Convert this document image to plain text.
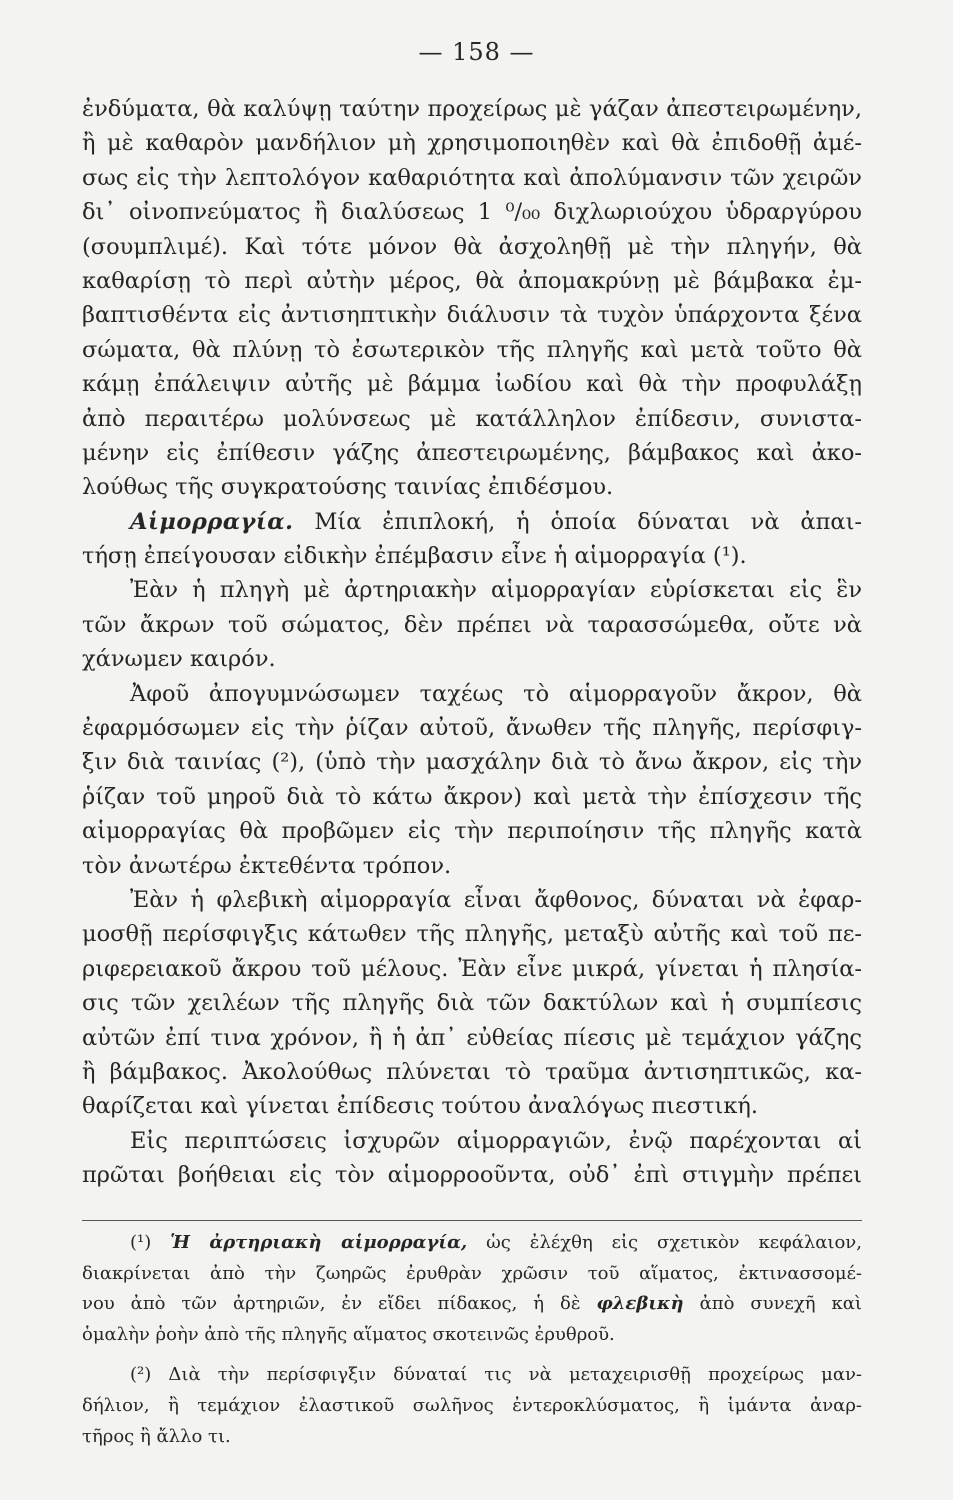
— 158 —
ἐνδύματα, θὰ καλύψῃ ταύτην προχείρως μὲ γάζαν ἀπεστειρωμένην,
ἢ μὲ καθαρὸν μανδήλιον μὴ χρησιμοποιηθὲν καὶ θὰ ἐπιδοθῇ ἀμέ-
σως εἰς τὴν λεπτολόγον καθαριότητα καὶ ἀπολύμανσιν τῶν χειρῶν
δι᾿ οἰνοπνεύματος ἢ διαλύσεως 1 ⁰/₀₀ διχλωριούχου ὑδραργύρου
(σουμπλιμέ). Καὶ τότε μόνον θὰ ἀσχοληθῇ μὲ τὴν πληγήν, θὰ
καθαρίσῃ τὸ περὶ αὐτὴν μέρος, θὰ ἀπομακρύνῃ μὲ βάμβακα ἐμ-
βαπτισθέντα εἰς ἀντισηπτικὴν διάλυσιν τὰ τυχὸν ὑπάρχοντα ξένα
σώματα, θὰ πλύνῃ τὸ ἐσωτερικὸν τῆς πληγῆς καὶ μετὰ τοῦτο θὰ
κάμῃ ἐπάλειψιν αὐτῆς μὲ βάμμα ἰωδίου καὶ θὰ τὴν προφυλάξῃ
ἀπὸ περαιτέρω μολύνσεως μὲ κατάλληλον ἐπίδεσιν, συνιστα-
μένην εἰς ἐπίθεσιν γάζης ἀπεστειρωμένης, βάμβακος καὶ ἀκο-
λούθως τῆς συγκρατούσης ταινίας ἐπιδέσμου.
Αἱμορραγία. Μία ἐπιπλοκή, ἡ ὁποία δύναται νὰ ἀπαι-
τήσῃ ἐπείγουσαν εἰδικὴν ἐπέμβασιν εἶνε ἡ αἱμορραγία (¹).
Ἐὰν ἡ πληγὴ μὲ ἀρτηριακὴν αἱμορραγίαν εὑρίσκεται εἰς ἓν
τῶν ἄκρων τοῦ σώματος, δὲν πρέπει νὰ ταρασσώμεθα, οὔτε νὰ
χάνωμεν καιρόν.
Ἀφοῦ ἀπογυμνώσωμεν ταχέως τὸ αἱμορραγοῦν ἄκρον, θὰ
ἐφαρμόσωμεν εἰς τὴν ῥίζαν αὐτοῦ, ἄνωθεν τῆς πληγῆς, περίσφιγ-
ξιν διὰ ταινίας (²), (ὑπὸ τὴν μασχάλην διὰ τὸ ἄνω ἄκρον, εἰς τὴν
ῥίζαν τοῦ μηροῦ διὰ τὸ κάτω ἄκρον) καὶ μετὰ τὴν ἐπίσχεσιν τῆς
αἱμορραγίας θὰ προβῶμεν εἰς τὴν περιποίησιν τῆς πληγῆς κατὰ
τὸν ἀνωτέρω ἐκτεθέντα τρόπον.
Ἐὰν ἡ φλεβικὴ αἱμορραγία εἶναι ἄφθονος, δύναται νὰ ἐφαρ-
μοσθῇ περίσφιγξις κάτωθεν τῆς πληγῆς, μεταξὺ αὐτῆς καὶ τοῦ πε-
ριφερειακοῦ ἄκρου τοῦ μέλους. Ἐὰν εἶνε μικρά, γίνεται ἡ πλησία-
σις τῶν χειλέων τῆς πληγῆς διὰ τῶν δακτύλων καὶ ἡ συμπίεσις
αὐτῶν ἐπί τινα χρόνον, ἢ ἡ ἀπ᾿ εὐθείας πίεσις μὲ τεμάχιον γάζης
ἢ βάμβακος. Ἀκολούθως πλύνεται τὸ τραῦμα ἀντισηπτικῶς, κα-
θαρίζεται καὶ γίνεται ἐπίδεσις τούτου ἀναλόγως πιεστική.
Εἰς περιπτώσεις ἰσχυρῶν αἱμορραγιῶν, ἐνῷ παρέχονται αἱ
πρῶται βοήθειαι εἰς τὸν αἱμορρooῦντα, οὐδ᾿ ἐπὶ στιγμὴν πρέπει
(¹) Ἡ ἀρτηριακὴ αἱμορραγία, ὡς ἐλέχθη εἰς σχετικὸν κεφάλαιον,
διακρίνεται ἀπὸ τὴν ζωηρῶς ἐρυθρὰν χρῶσιν τοῦ αἵματος, ἐκτινασσομέ-
νου ἀπὸ τῶν ἀρτηριῶν, ἐν εἴδει πίδακος, ἡ δὲ φλεβικὴ ἀπὸ συνεχῆ καὶ
ὁμαλὴν ῥοὴν ἀπὸ τῆς πληγῆς αἵματος σκοτεινῶς ἐρυθροῦ.
(²) Διὰ τὴν περίσφιγξιν δύναταί τις νὰ μεταχειρισθῇ προχείρως μαν-
δήλιον, ἢ τεμάχιον ἐλαστικοῦ σωλῆνος ἐντεροκλύσματος, ἢ ἱμάντα ἀναρ-
τῆρος ἢ ἄλλο τι.
